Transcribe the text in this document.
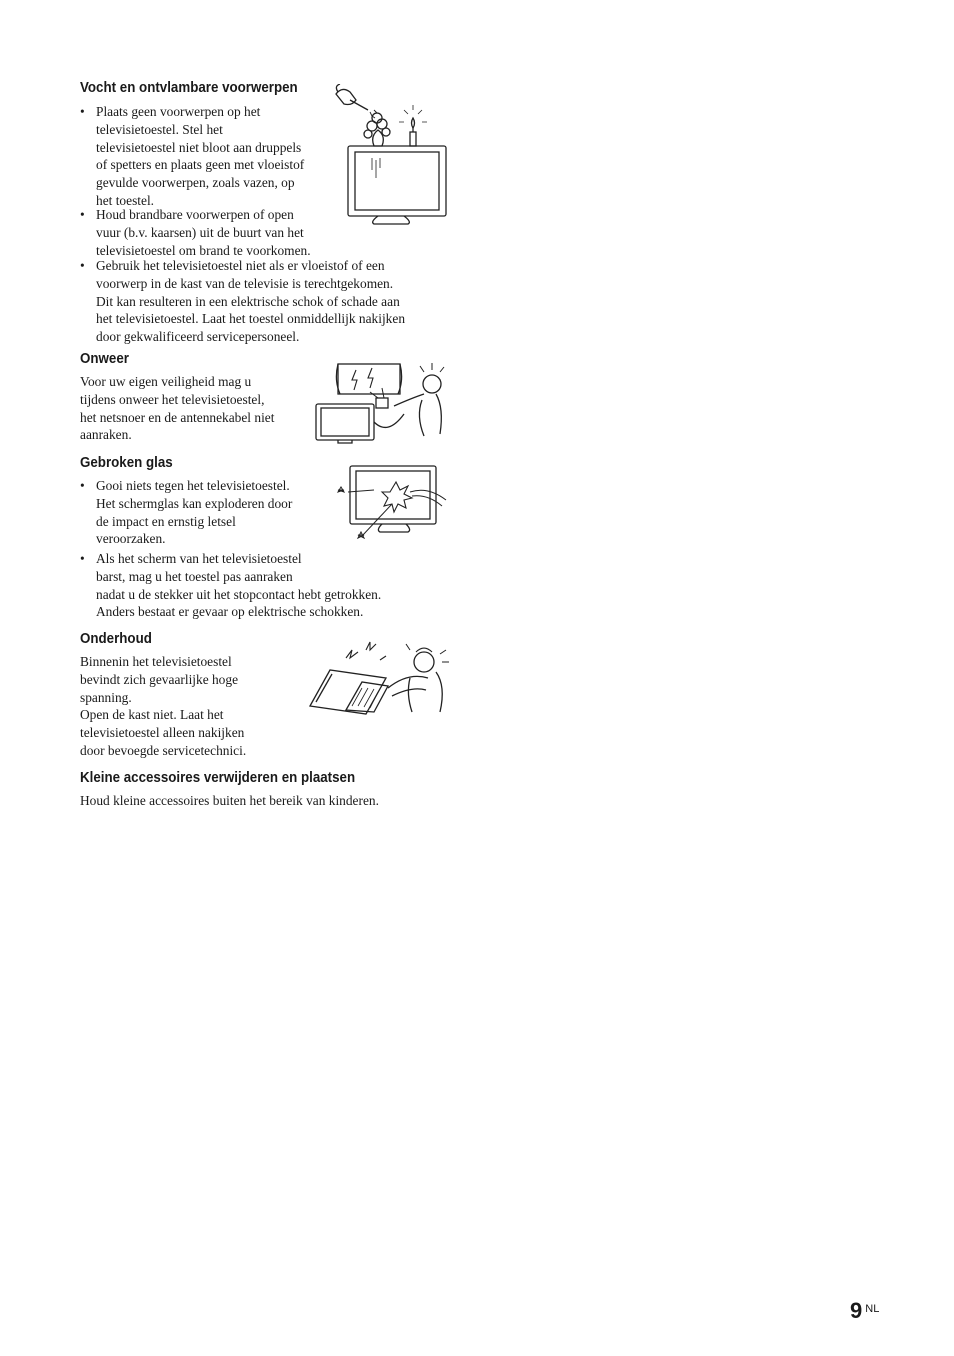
Vocht en ontvlambare voorwerpen
• Plaats geen voorwerpen op het
televisietoestel. Stel het
televisietoestel niet bloot aan druppels
of spetters en plaats geen met vloeistof
gevulde voorwerpen, zoals vazen, op
het toestel.
• Houd brandbare voorwerpen of open
vuur (b.v. kaarsen) uit de buurt van het
televisietoestel om brand te voorkomen.
• Gebruik het televisietoestel niet als er vloeistof of een
voorwerp in de kast van de televisie is terechtgekomen.
Dit kan resulteren in een elektrische schok of schade aan
het televisietoestel. Laat het toestel onmiddellijk nakijken
door gekwalificeerd servicepersoneel.
Onweer
Voor uw eigen veiligheid mag u
tijdens onweer het televisietoestel,
het netsnoer en de antennekabel niet
aanraken.
Gebroken glas
• Gooi niets tegen het televisietoestel.
Het schermglas kan exploderen door
de impact en ernstig letsel
veroorzaken.
• Als het scherm van het televisietoestel
barst, mag u het toestel pas aanraken
nadat u de stekker uit het stopcontact hebt getrokken.
Anders bestaat er gevaar op elektrische schokken.
Onderhoud
Binnenin het televisietoestel
bevindt zich gevaarlijke hoge
spanning.
Open de kast niet. Laat het
televisietoestel alleen nakijken
door bevoegde servicetechnici.
Kleine accessoires verwijderen en plaatsen
Houd kleine accessoires buiten het bereik van kinderen.
9 $^{NL}$
